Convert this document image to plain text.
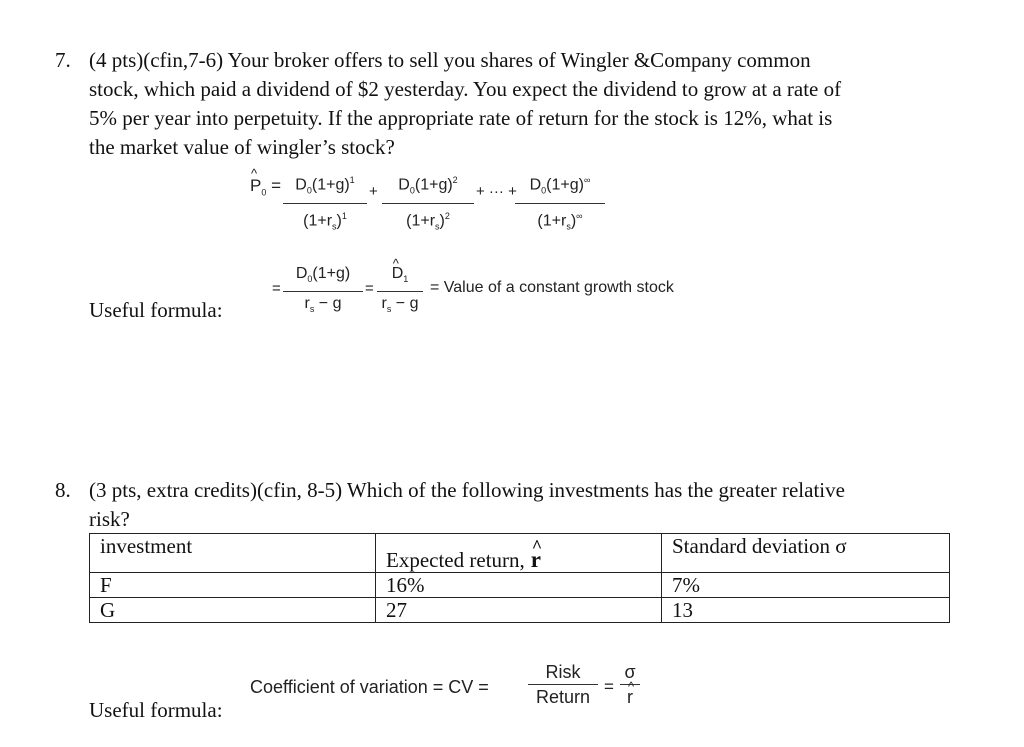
7. (4 pts)(cfin,7-6) Your broker offers to sell you shares of Wingler &Company common
stock, which paid a dividend of $2 yesterday. You expect the dividend to grow at a rate of
5% per year into perpetuity. If the appropriate rate of return for the stock is 12%, what is
the market value of wingler’s stock?
^ $P_0 = \frac{D_0(1+g)^1}{(1+r_s)^1} + \frac{D_0(1+g)^2}{(1+r_s)^2}$ + ··· +
$\frac{D_0(1+g)^\infty}{(1+r_s)^\infty}$
= $\frac{D_0(1+g)}{r_s - g}$ = ^ $\frac{D_1}{r_s - g}$ = Value of a constant growth stock
Useful formula:
8. (3 pts, extra credits)(cfin, 8-5) Which of the following investments has the greater relative
risk?
investment	Expected return, ^ r	Standard deviation σ
F	16%	7%
G	27	13
Coefficient of variation = CV =
Risk
Return
= σ
^ r
Useful formula:
